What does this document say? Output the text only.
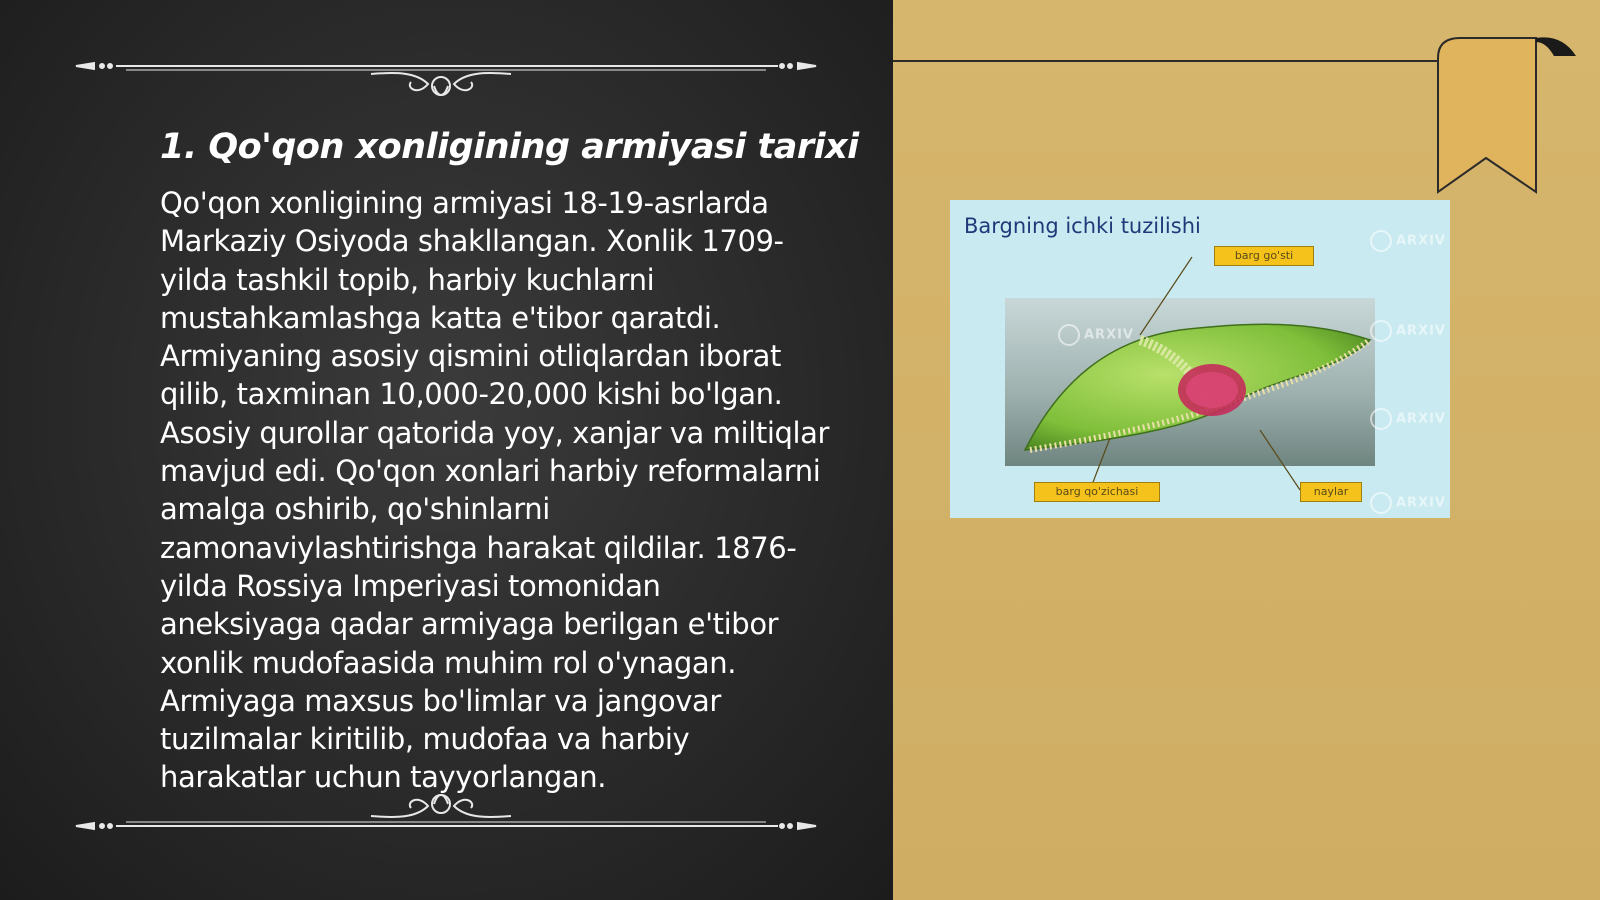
1. Qo'qon xonligining armiyasi tarixi

Qo'qon xonligining armiyasi 18-19-asrlarda Markaziy Osiyoda shakllangan. Xonlik 1709-yilda tashkil topib, harbiy kuchlarni mustahkamlashga katta e'tibor qaratdi. Armiyaning asosiy qismini otliqlardan iborat qilib, taxminan 10,000-20,000 kishi bo'lgan. Asosiy qurollar qatorida yoy, xanjar va miltiqlar mavjud edi. Qo'qon xonlari harbiy reformalarni amalga oshirib, qo'shinlarni zamonaviylashtirishga harakat qildilar. 1876-yilda Rossiya Imperiyasi tomonidan aneksiyaga qadar armiyaga berilgan e'tibor xonlik mudofaasida muhim rol o'ynagan. Armiyaga maxsus bo'limlar va jangovar tuzilmalar kiritilib, mudofaa va harbiy harakatlar uchun tayyorlangan.

Bargning ichki tuzilishi
barg go'sti
barg qo'zichasi	naylar
ARXIV
ARXIV
ARXIV
ARXIV
ARXIV
